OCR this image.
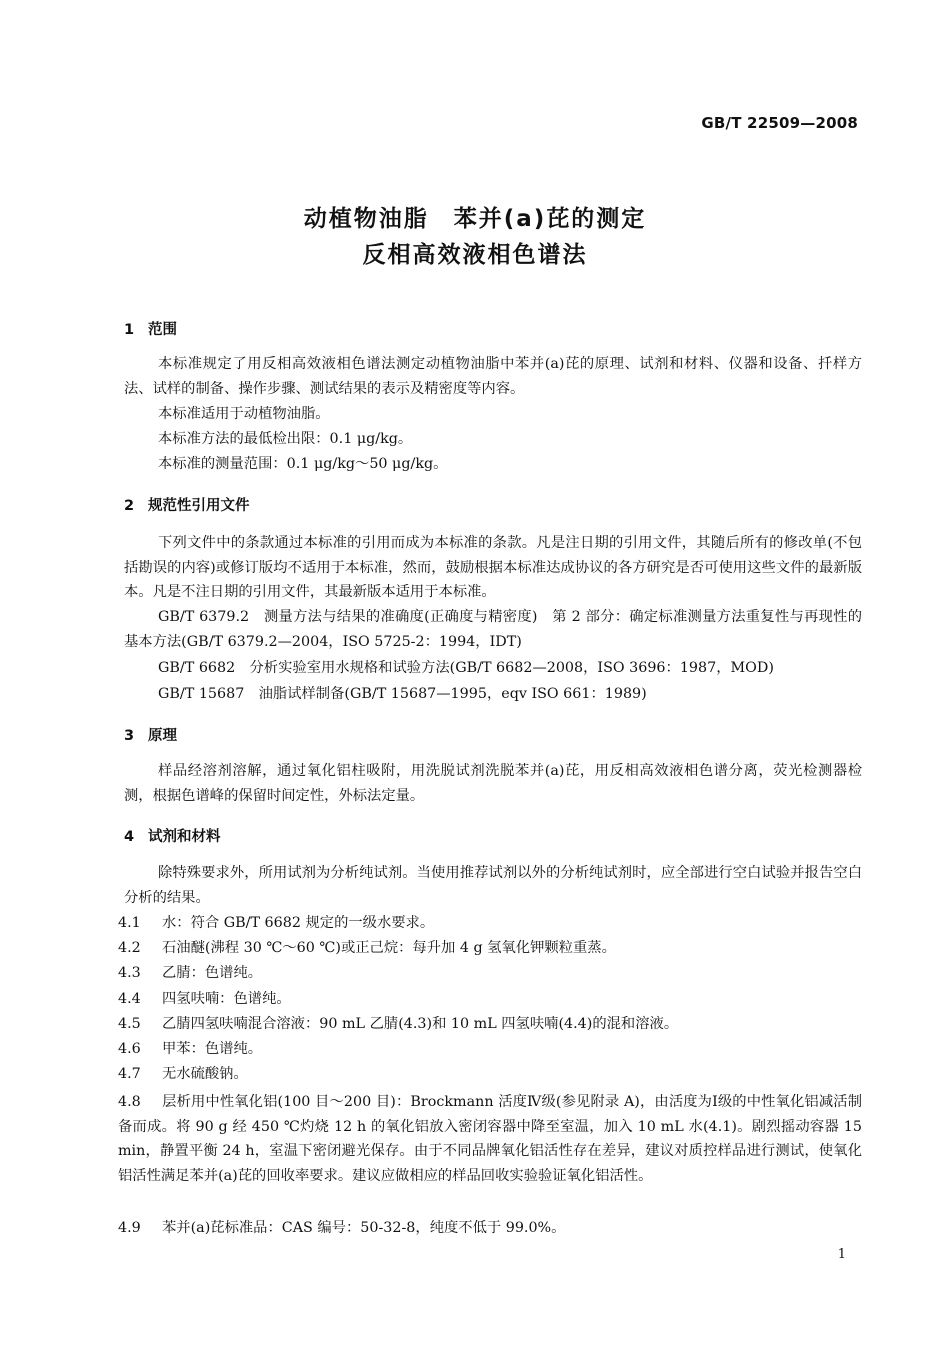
GB/T 22509—2008
动植物油脂　苯并(a)芘的测定
反相高效液相色谱法
1 范围
本标准规定了用反相高效液相色谱法测定动植物油脂中苯并(a)芘的原理、试剂和材料、仪器和设备、扦样方法、试样的制备、操作步骤、测试结果的表示及精密度等内容。
本标准适用于动植物油脂。
本标准方法的最低检出限：0.1 μg/kg。
本标准的测量范围：0.1 μg/kg～50 μg/kg。
2 规范性引用文件
下列文件中的条款通过本标准的引用而成为本标准的条款。凡是注日期的引用文件，其随后所有的修改单(不包括勘误的内容)或修订版均不适用于本标准，然而，鼓励根据本标准达成协议的各方研究是否可使用这些文件的最新版本。凡是不注日期的引用文件，其最新版本适用于本标准。
GB/T 6379.2　测量方法与结果的准确度(正确度与精密度)　第 2 部分：确定标准测量方法重复性与再现性的基本方法(GB/T 6379.2—2004，ISO 5725-2：1994，IDT)
GB/T 6682　分析实验室用水规格和试验方法(GB/T 6682—2008，ISO 3696：1987，MOD)
GB/T 15687　油脂试样制备(GB/T 15687—1995，eqv ISO 661：1989)
3 原理
样品经溶剂溶解，通过氧化铝柱吸附，用洗脱试剂洗脱苯并(a)芘，用反相高效液相色谱分离，荧光检测器检测，根据色谱峰的保留时间定性，外标法定量。
4 试剂和材料
除特殊要求外，所用试剂为分析纯试剂。当使用推荐试剂以外的分析纯试剂时，应全部进行空白试验并报告空白分析的结果。
4.1 水：符合 GB/T 6682 规定的一级水要求。
4.2 石油醚(沸程 30 ℃～60 ℃)或正己烷：每升加 4 g 氢氧化钾颗粒重蒸。
4.3 乙腈：色谱纯。
4.4 四氢呋喃：色谱纯。
4.5 乙腈四氢呋喃混合溶液：90 mL 乙腈(4.3)和 10 mL 四氢呋喃(4.4)的混和溶液。
4.6 甲苯：色谱纯。
4.7 无水硫酸钠。
4.8 层析用中性氧化铝(100 目～200 目)：Brockmann 活度Ⅳ级(参见附录 A)，由活度为Ⅰ级的中性氧化铝减活制备而成。将 90 g 经 450 ℃灼烧 12 h 的氧化铝放入密闭容器中降至室温，加入 10 mL 水(4.1)。剧烈摇动容器 15 min，静置平衡 24 h，室温下密闭避光保存。由于不同品牌氧化铝活性存在差异，建议对质控样品进行测试，使氧化铝活性满足苯并(a)芘的回收率要求。建议应做相应的样品回收实验验证氧化铝活性。
4.9 苯并(a)芘标准品：CAS 编号：50-32-8，纯度不低于 99.0%。
1
